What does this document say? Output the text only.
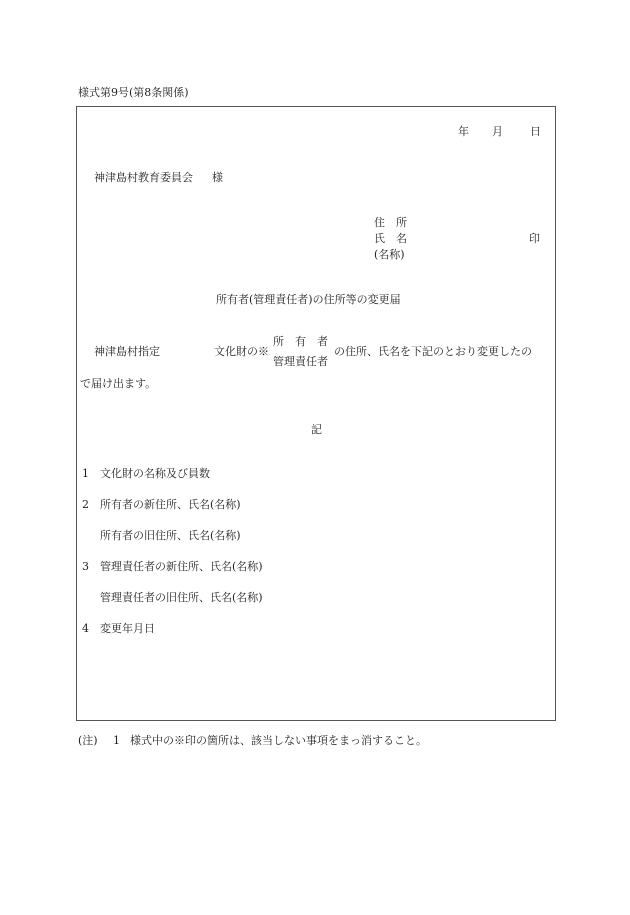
様式第9号(第8条関係)
年 月 日
神津島村教育委員会 様
住　所
氏　名
(名称)
印
所有者(管理責任者)の住所等の変更届
神津島村指定	文化財の※
所　有　者
管理責任者
の住所、氏名を下記のとおり変更したの
で届け出ます。
記
1 文化財の名称及び員数
2 所有者の新住所、氏名(名称)
所有者の旧住所、氏名(名称)
3 管理責任者の新住所、氏名(名称)
管理責任者の旧住所、氏名(名称)
4 変更年月日
(注) 1 様式中の※印の箇所は、該当しない事項をまっ消すること。
